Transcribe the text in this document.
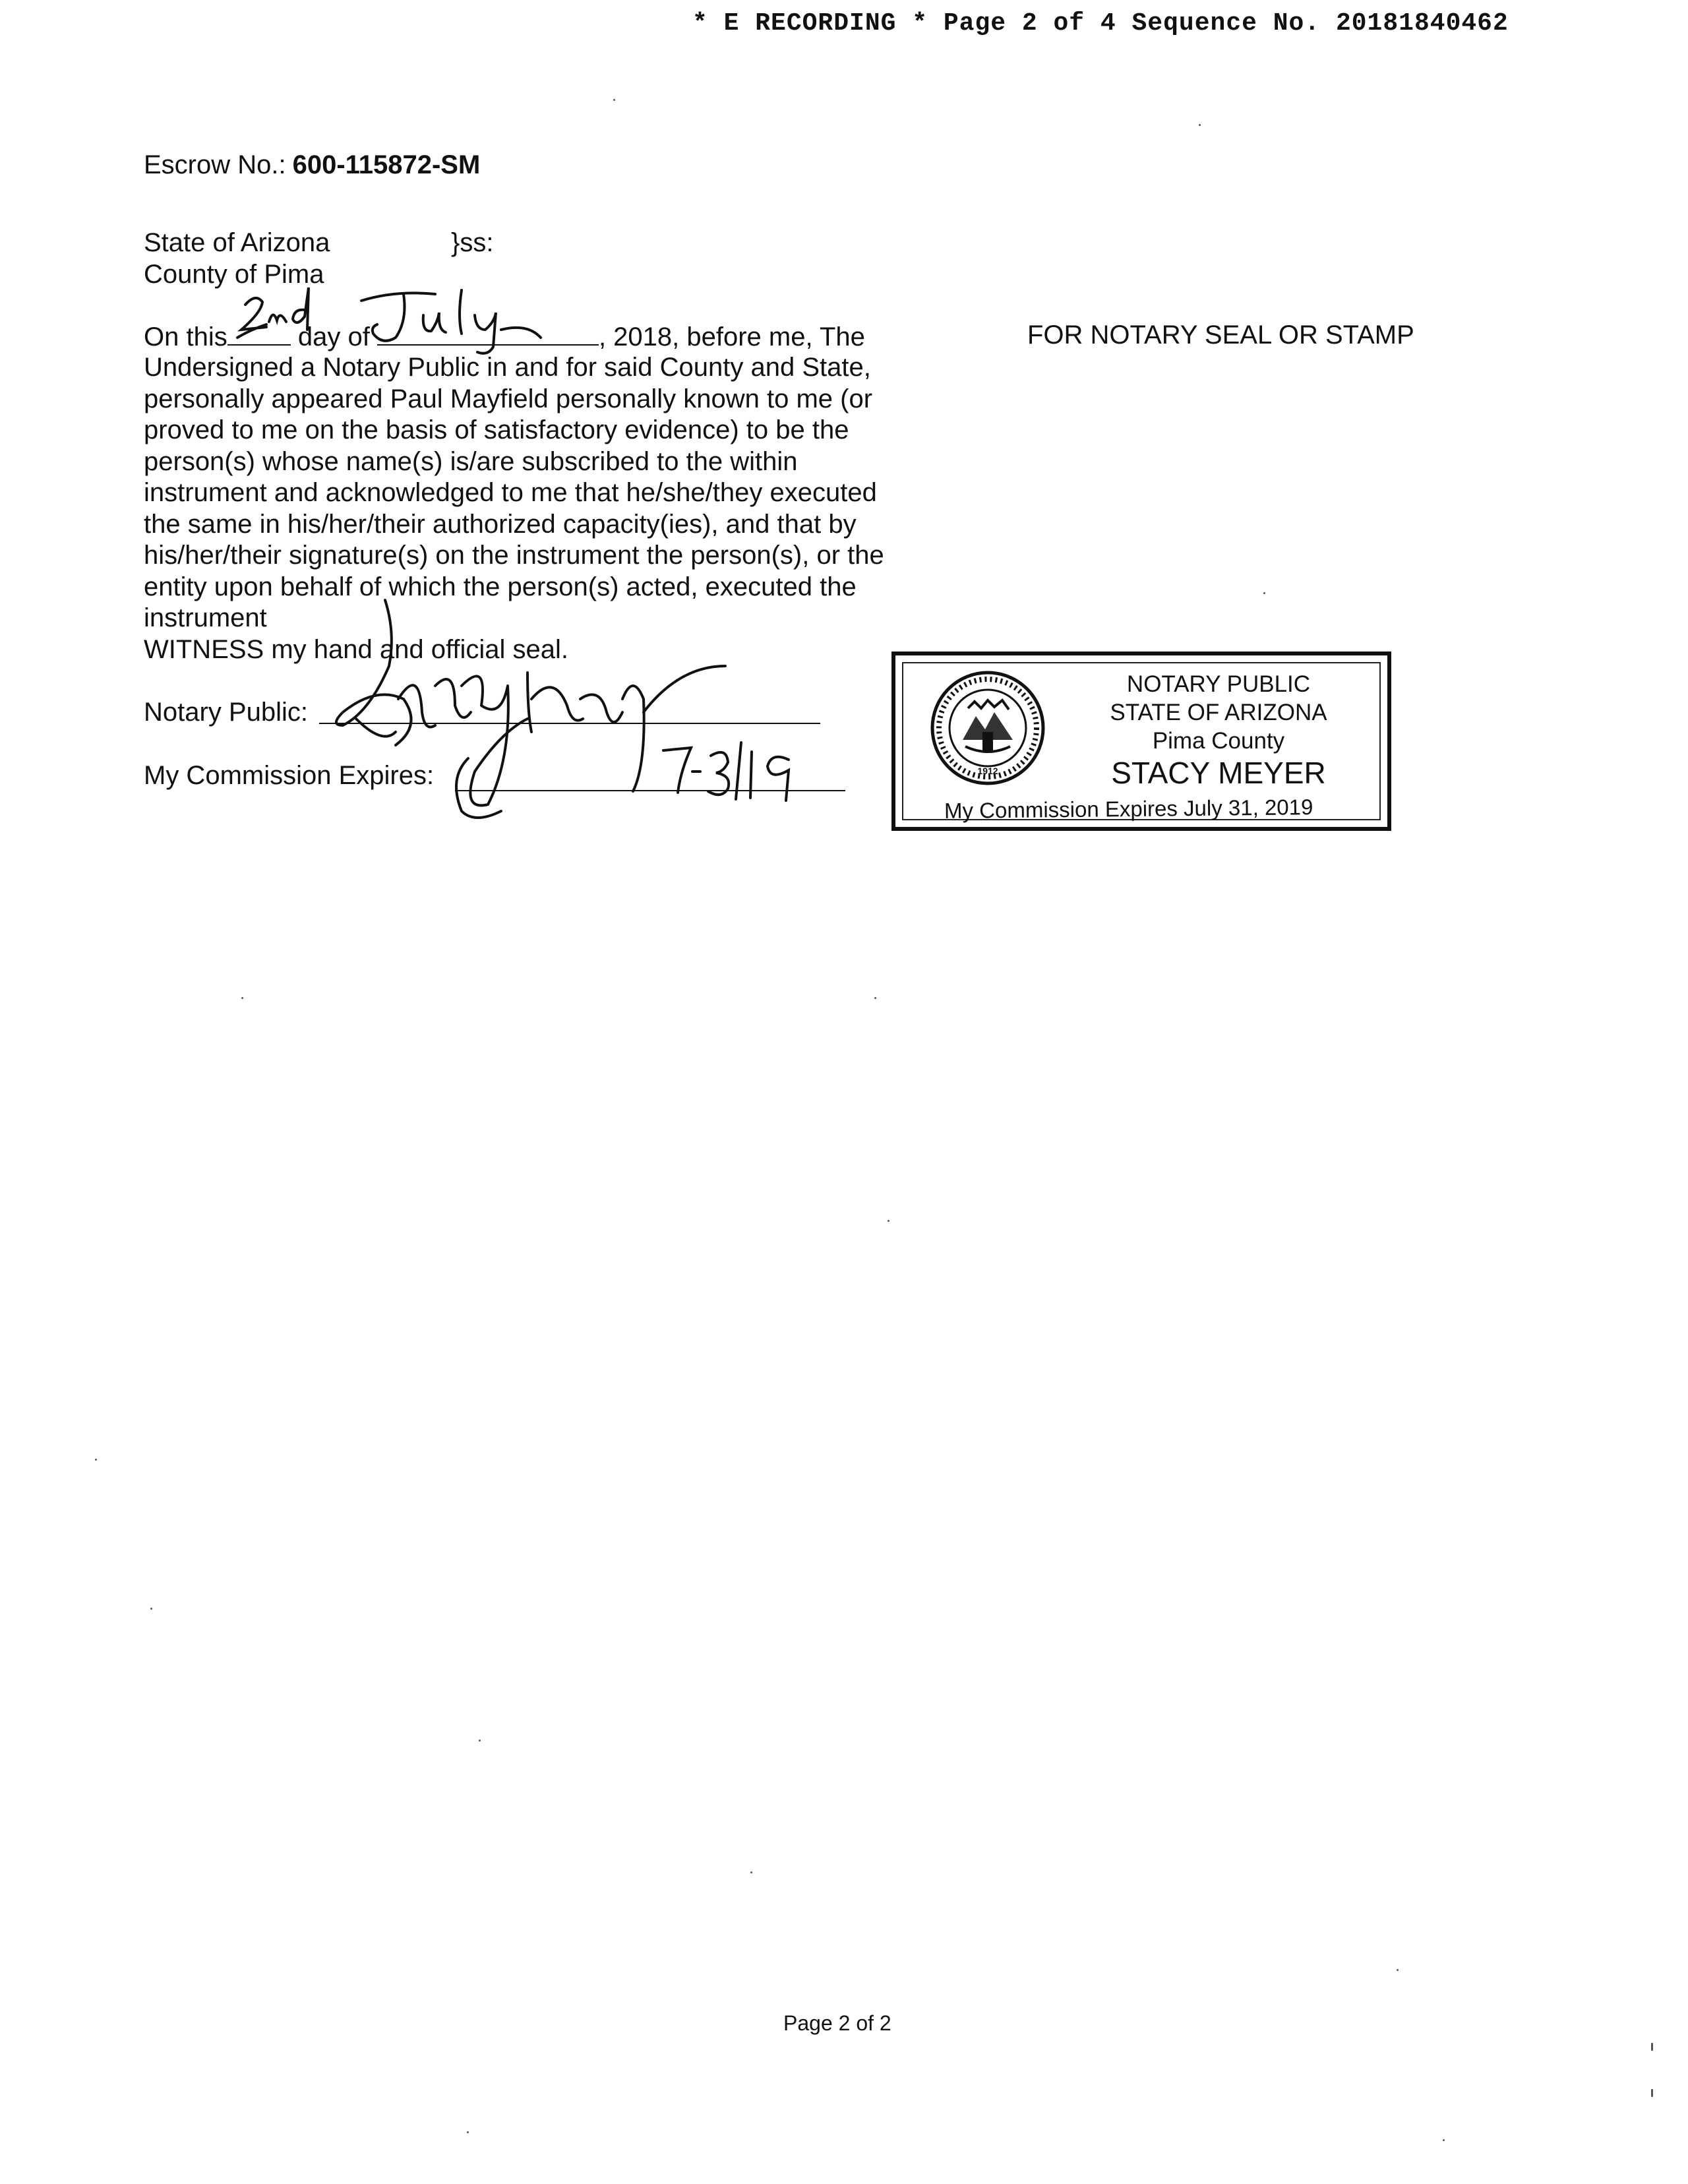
* E RECORDING * Page 2 of 4 Sequence No. 20181840462
Escrow No.: 600-115872-SM
State of Arizona
County of Pima
}ss:
On this	day of	, 2018, before me, The
Undersigned a Notary Public in and for said County and State,
personally appeared Paul Mayfield personally known to me (or
proved to me on the basis of satisfactory evidence) to be the
person(s) whose name(s) is/are subscribed to the within
instrument and acknowledged to me that he/she/they executed
the same in his/her/their authorized capacity(ies), and that by
his/her/their signature(s) on the instrument the person(s), or the
entity upon behalf of which the person(s) acted, executed the
instrument
WITNESS my hand and official seal.
FOR NOTARY SEAL OR STAMP
Notary Public:
My Commission Expires:	1912
NOTARY PUBLIC
STATE OF ARIZONA
Pima County
STACY MEYER
My Commission Expires July 31, 2019
Page 2 of 2
